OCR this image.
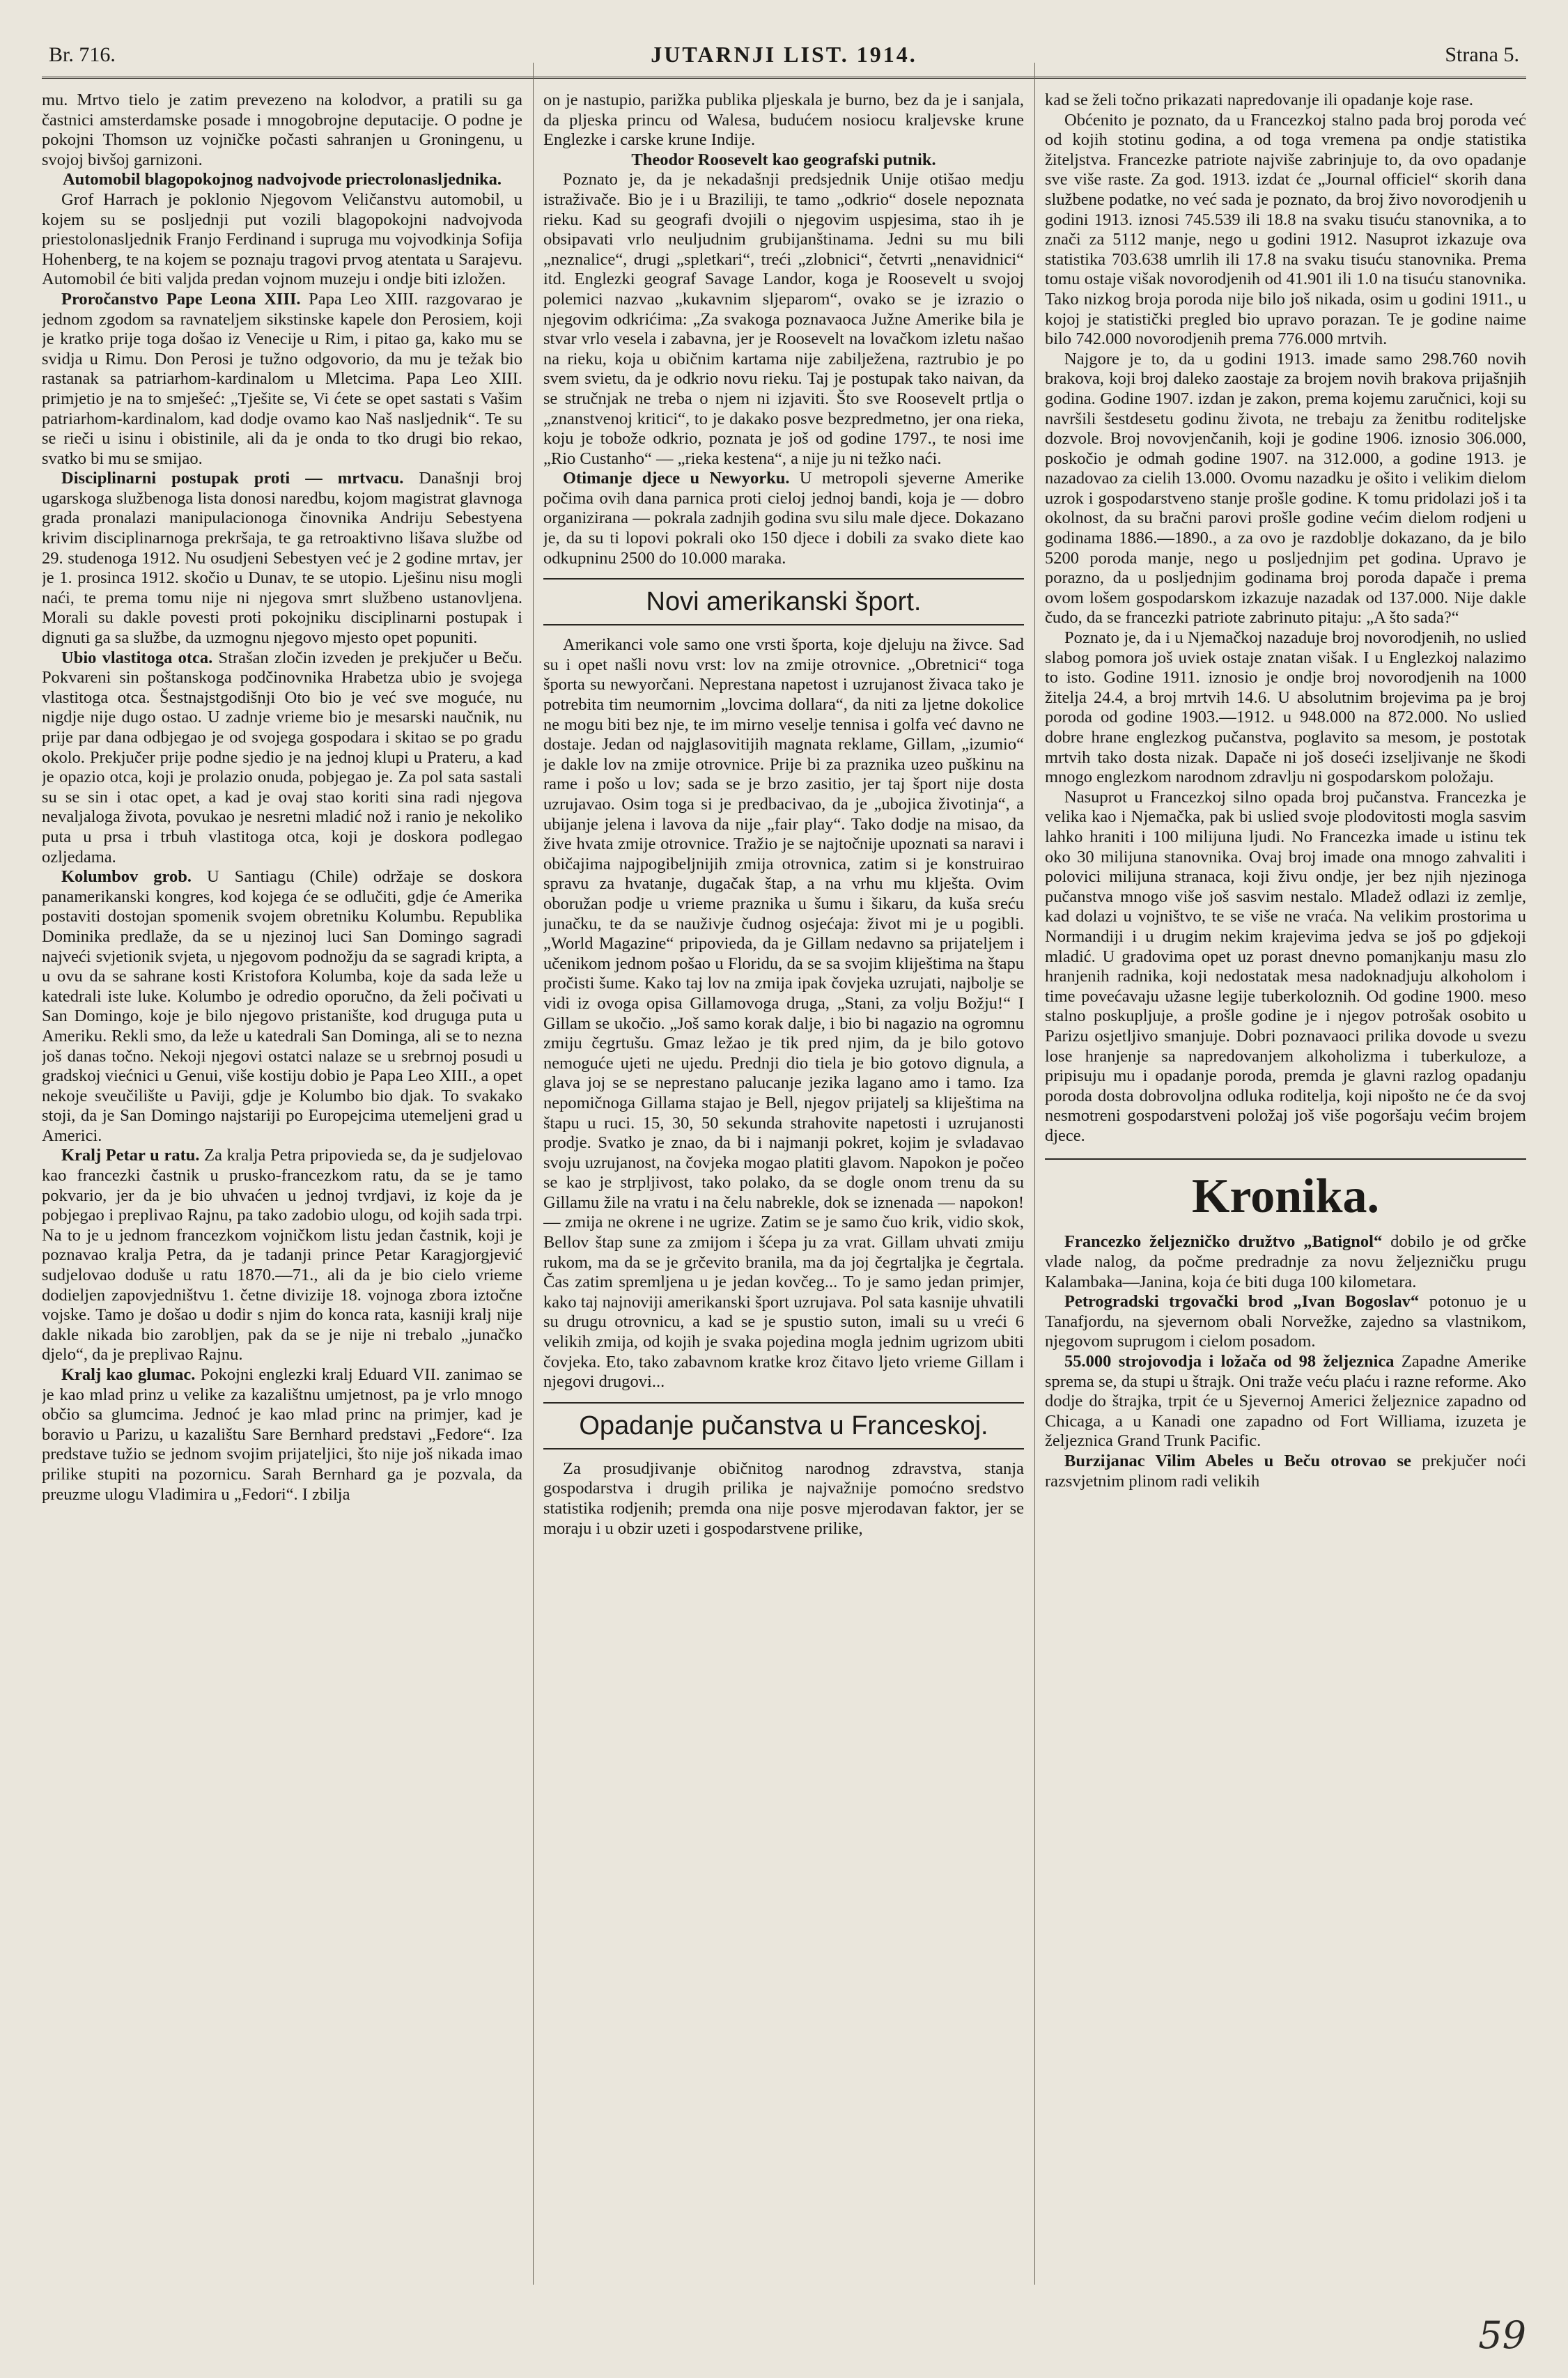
Br. 716.	JUTARNJI LIST. 1914.	Strana 5.

mu. Mrtvo tielo je zatim prevezeno na kolodvor, a pratili su ga častnici amsterdamske posade i mnogobrojne deputacije. O podne je pokojni Thomson uz vojničke počasti sahranjen u Groningenu, u svojoj bivšoj garnizoni.

Automobil blagopokojnog nadvojvode prieстolonasljednika.

Grof Harrach je poklonio Njegovom Veličanstvu automobil, u kojem su se posljednji put vozili blagopokojni nadvojvoda priestolonasljednik Franjo Ferdinand i supruga mu vojvodkinja Sofija Hohenberg, te na kojem se poznaju tragovi prvog atentata u Sarajevu. Automobil će biti valjda predan vojnom muzeju i ondje biti izložen.

Proročanstvo Pape Leona XIII. Papa Leo XIII. razgovarao je jednom zgodom sa ravnateljem sikstinske kapele don Perosiem, koji je kratko prije toga došao iz Venecije u Rim, i pitao ga, kako mu se svidja u Rimu. Don Perosi je tužno odgovorio, da mu je težak bio rastanak sa patriarhom-kardinalom u Mletcima. Papa Leo XIII. primjetio je na to smješeć: „Tješite se, Vi ćete se opet sastati s Vašim patriarhom-kardinalom, kad dodje ovamo kao Naš nasljednik“. Te su se rieči u isinu i obistinile, ali da je onda to tko drugi bio rekao, svatko bi mu se smijao.

Disciplinarni postupak proti — mrtvacu. Današnji broj ugarskoga službenoga lista donosi naredbu, kojom magistrat glavnoga grada pronalazi manipulacionoga činovnika Andriju Sebestyena krivim disciplinarnoga prekršaja, te ga retroaktivno lišava službe od 29. studenoga 1912. Nu osudjeni Sebestyen već je 2 godine mrtav, jer je 1. prosinca 1912. skočio u Dunav, te se utopio. Lješinu nisu mogli naći, te prema tomu nije ni njegova smrt službeno ustanovljena. Morali su dakle povesti proti pokojniku disciplinarni postupak i dignuti ga sa službe, da uzmognu njegovo mjesto opet popuniti.

Ubio vlastitoga otca. Strašan zločin izveden je prekjučer u Beču. Pokvareni sin poštanskoga podčinovnika Hrabetza ubio je svojega vlastitoga otca. Šestnajstgodišnji Oto bio je već sve moguće, nu nigdje nije dugo ostao. U zadnje vrieme bio je mesarski naučnik, nu prije par dana odbjegao je od svojega gospodara i skitao se po gradu okolo. Prekjučer prije podne sjedio je na jednoj klupi u Prateru, a kad je opazio otca, koji je prolazio onuda, pobjegao je. Za pol sata sastali su se sin i otac opet, a kad je ovaj stao koriti sina radi njegova nevaljaloga života, povukao je nesretni mladić nož i ranio je nekoliko puta u prsa i trbuh vlastitoga otca, koji je doskora podlegao ozljedama.

Kolumbov grob. U Santiagu (Chile) održaje se doskora panamerikanski kongres, kod kojega će se odlučiti, gdje će Amerika postaviti dostojan spomenik svojem obretniku Kolumbu. Republika Dominika predlaže, da se u njezinoj luci San Domingo sagradi najveći svjetionik svjeta, u njegovom podnožju da se sagradi kripta, a u ovu da se sahrane kosti Kristofora Kolumba, koje da sada leže u katedrali iste luke. Kolumbo je odredio oporučno, da želi počivati u San Domingo, koje je bilo njegovo pristanište, kod druguga puta u Ameriku. Rekli smo, da leže u katedrali San Dominga, ali se to nezna još danas točno. Nekoji njegovi ostatci nalaze se u srebrnoj posudi u gradskoj viećnici u Genui, više kostiju dobio je Papa Leo XIII., a opet nekoje sveučilište u Paviji, gdje je Kolumbo bio djak. To svakako stoji, da je San Domingo najstariji po Europejcima utemeljeni grad u Americi.

Kralj Petar u ratu. Za kralja Petra pripovieda se, da je sudjelovao kao francezki častnik u prusko-francezkom ratu, da se je tamo pokvario, jer da je bio uhvaćen u jednoj tvrdjavi, iz koje da je pobjegao i preplivao Rajnu, pa tako zadobio ulogu, od kojih sada trpi. Na to je u jednom francezkom vojničkom listu jedan častnik, koji je poznavao kralja Petra, da je tadanji prince Petar Karagjorgjević sudjelovao doduše u ratu 1870.—71., ali da je bio cielo vrieme dodieljen zapovjedništvu 1. četne divizije 18. vojnoga zbora iztočne vojske. Tamo je došao u dodir s njim do konca rata, kasniji kralj nije dakle nikada bio zarobljen, pak da se je nije ni trebalo „junačko djelo“, da je preplivao Rajnu.

Kralj kao glumac. Pokojni englezki kralj Eduard VII. zanimao se je kao mlad prinz u velike za kazalištnu umjetnost, pa je vrlo mnogo občio sa glumcima. Jednoć je kao mlad princ na primjer, kad je boravio u Parizu, u kazalištu Sare Bernhard predstavi „Fedore“. Iza predstave tužio se jednom svojim prijateljici, što nije još nikada imao prilike stupiti na pozornicu. Sarah Bernhard ga je pozvala, da preuzme ulogu Vladimira u „Fedori“. I zbilja

on je nastupio, parižka publika pljeskala je burno, bez da je i sanjala, da pljeska princu od Walesa, budućem nosiocu kraljevske krune Englezke i carske krune Indije.

Theodor Roosevelt kao geografski putnik.

Poznato je, da je nekadašnji predsjednik Unije otišao medju istraživače. Bio je i u Braziliji, te tamo „odkrio“ dosele nepoznata rieku. Kad su geografi dvojili o njegovim uspjesima, stao ih je obsipavati vrlo neuljudnim grubijanštinama. Jedni su mu bili „neznalice“, drugi „spletkari“, treći „zlobnici“, četvrti „nenavidnici“ itd. Englezki geograf Savage Landor, koga je Roosevelt u svojoj polemici nazvao „kukavnim sljeparom“, ovako se je izrazio o njegovim odkrićima: „Za svakoga poznavaoca Južne Amerike bila je stvar vrlo vesela i zabavna, jer je Roosevelt na lovačkom izletu našao na rieku, koja u običnim kartama nije zabilježena, raztrubio je po svem svietu, da je odkrio novu rieku. Taj je postupak tako naivan, da se stručnjak ne treba o njem ni izjaviti. Što sve Roosevelt prtlja o „znanstvenoj kritici“, to je dakako posve bezpredmetno, jer ona rieka, koju je tobože odkrio, poznata je još od godine 1797., te nosi ime „Rio Custanho“ — „rieka kestena“, a nije ju ni težko naći.

Otimanje djece u Newyorku. U metropoli sjeverne Amerike počima ovih dana parnica proti cieloj jednoj bandi, koja je — dobro organizirana — pokrala zadnjih godina svu silu male djece. Dokazano je, da su ti lopovi pokrali oko 150 djece i dobili za svako diete kao odkupninu 2500 do 10.000 maraka.

Novi amerikanski šport.

Amerikanci vole samo one vrsti športa, koje djeluju na živce. Sad su i opet našli novu vrst: lov na zmije otrovnice. „Obretnici“ toga športa su newyorčani. Neprestana napetost i uzrujanost živaca tako je potrebita tim neumornim „lovcima dollara“, da niti za ljetne dokolice ne mogu biti bez nje, te im mirno veselje tennisa i golfa već davno ne dostaje. Jedan od najglasovitijih magnata reklame, Gillam, „izumio“ je dakle lov na zmije otrovnice. Prije bi za praznika uzeo puškinu na rame i pošo u lov; sada se je brzo zasitio, jer taj šport nije dosta uzrujavao. Osim toga si je predbacivao, da je „ubojica životinja“, a ubijanje jelena i lavova da nije „fair play“. Tako dodje na misao, da žive hvata zmije otrovnice. Tražio je se najtočnije upoznati sa naravi i običajima najpogibeljnijih zmija otrovnica, zatim si je konstruirao spravu za hvatanje, dugačak štap, a na vrhu mu klješta. Ovim oboružan podje u vrieme praznika u šumu i šikaru, da kuša sreću junačku, te da se nauživje čudnog osjećaja: život mi je u pogibli. „World Magazine“ pripovieda, da je Gillam nedavno sa prijateljem i učenikom jednom pošao u Floridu, da se sa svojim kliještima na štapu pročisti šume. Kako taj lov na zmija ipak čovjeka uzrujati, najbolje se vidi iz ovoga opisa Gillamovoga druga, „Stani, za volju Božju!“ I Gillam se ukočio. „Još samo korak dalje, i bio bi nagazio na ogromnu zmiju čegrtušu. Gmaz ležao je tik pred njim, da je bilo gotovo nemoguće ujeti ne ujedu. Prednji dio tiela je bio gotovo dignula, a glava joj se se neprestano palucanje jezika lagano amo i tamo. Iza nepomičnoga Gillama stajao je Bell, njegov prijatelj sa kliještima na štapu u ruci. 15, 30, 50 sekunda strahovite napetosti i uzrujanosti prodje. Svatko je znao, da bi i najmanji pokret, kojim je svladavao svoju uzrujanost, na čovjeka mogao platiti glavom. Napokon je počeo se kao je strpljivost, tako polako, da se dogle onom trenu da su Gillamu žile na vratu i na čelu nabrekle, dok se iznenada — napokon! — zmija ne okrene i ne ugrize. Zatim se je samo čuo krik, vidio skok, Bellov štap sune za zmijom i šćepa ju za vrat. Gillam uhvati zmiju rukom, ma da se je grčevito branila, ma da joj čegrtaljka je čegrtala. Čas zatim spremljena u je jedan kovčeg... To je samo jedan primjer, kako taj najnoviji amerikanski šport uzrujava. Pol sata kasnije uhvatili su drugu otrovnicu, a kad se je spustio suton, imali su u vreći 6 velikih zmija, od kojih je svaka pojedina mogla jednim ugrizom ubiti čovjeka. Eto, tako zabavnom kratke kroz čitavo ljeto vrieme Gillam i njegovi drugovi...

Opadanje pučanstva u Franceskoj.

Za prosudjivanje običnitog narodnog zdravstva, stanja gospodarstva i drugih prilika je najvažnije pomoćno sredstvo statistika rodjenih; premda ona nije posve mjerodavan faktor, jer se moraju i u obzir uzeti i gospodarstvene prilike,

kad se želi točno prikazati napredovanje ili opadanje koje rase.

Obćenito je poznato, da u Francezkoj stalno pada broj poroda već od kojih stotinu godina, a od toga vremena pa ondje statistika žitelјstva. Francezke patriote najviše zabrinjuje to, da ovo opadanje sve više raste. Za god. 1913. izdat će „Journal officiel“ skorih dana službene podatke, no već sada je poznato, da broj živo novorodjenih u godini 1913. iznosi 745.539 ili 18.8 na svaku tisuću stanovnika, a to znači za 5112 manje, nego u godini 1912. Nasuprot izkazuje ova statistika 703.638 umrlih ili 17.8 na svaku tisuću stanovnika. Prema tomu ostaje višak novorodjenih od 41.901 ili 1.0 na tisuću stanovnika. Tako nizkog broja poroda nije bilo još nikada, osim u godini 1911., u kojoj je statistički pregled bio upravo porazan. Te je godine naime bilo 742.000 novorodjenih prema 776.000 mrtvih.

Najgore je to, da u godini 1913. imade samo 298.760 novih brakova, koji broj daleko zaostaje za brojem novih brakova prijašnjih godina. Godine 1907. izdan je zakon, prema kojemu zaručnici, koji su navršili šestdesetu godinu života, ne trebaju za ženitbu roditeljske dozvole. Broj novovjenčanih, koji je godine 1906. iznosio 306.000, poskočio je odmah godine 1907. na 312.000, a godine 1913. je nazadovao za cielih 13.000. Ovomu nazadku je ošito i velikim dielom uzrok i gospodarstveno stanje prošle godine. K tomu pridolazi još i ta okolnost, da su bračni parovi prošle godine većim dielom rodjeni u godinama 1886.—1890., a za ovo je razdoblje dokazano, da je bilo 5200 poroda manje, nego u posljednjim pet godina. Upravo je porazno, da u posljednjim godinama broj poroda dapače i prema ovom lošem gospodarskom izkazuje nazadak od 137.000. Nije dakle čudo, da se francezki patriote zabrinuto pitaju: „A što sada?“

Poznato je, da i u Njemačkoj nazaduje broj novorodjenih, no uslied slabog pomora još uviek ostaje znatan višak. I u Englezkoj nalazimo to isto. Godine 1911. iznosio je ondje broj novorodjenih na 1000 žitelja 24.4, a broj mrtvih 14.6. U absolutnim brojevima pa je broj poroda od godine 1903.—1912. u 948.000 na 872.000. No uslied dobre hrane englezkog pučanstva, poglavito sa mesom, je postotak mrtvih tako dosta nizak. Dapače ni još doseći izseljivanje ne škodi mnogo englezkom narodnom zdravlju ni gospodarskom položaju.

Nasuprot u Francezkoj silno opada broj pučanstva. Francezka je velika kao i Njemačka, pak bi uslied svoje plodovitosti mogla sasvim lahko hraniti i 100 milijuna ljudi. No Francezka imade u istinu tek oko 30 milijuna stanovnika. Ovaj broj imade ona mnogo zahvaliti i polovici milijuna stranaca, koji živu ondje, jer bez njih njezinoga pučanstva mnogo više još sasvim nestalo. Mladež odlazi iz zemlje, kad dolazi u vojništvo, te se više ne vraća. Na velikim prostorima u Normandiji i u drugim nekim krajevima jedva se još po gdjekoji mladić. U gradovima opet uz porast dnevno pomanjkanju masu zlo hranjenih radnika, koji nedostatak mesa nadoknadjuju alkoholom i time povećavaju užasne legije tuberkoloznih. Od godine 1900. meso stalno poskupljuje, a prošle godine je i njegov potrošak osobito u Parizu osjetljivo smanjuje. Dobri poznavaoci prilika dovode u svezu lose hranjenje sa napredovanjem alkoholizma i tuberkuloze, a pripisuju mu i opadanje poroda, premda je glavni razlog opadanju poroda dosta dobrovoljna odluka roditelja, koji nipošto ne će da svoj nesmotreni gospodarstveni položaj još više pogoršaju većim brojem djece.

Kronika.

Francezko željezničko družtvo „Batignol“ dobilo je od grčke vlade nalog, da počme predradnje za novu željezničku prugu Kalambaka—Janina, koja će biti duga 100 kilometara.

Petrogradski trgovački brod „Ivan Bogoslav“ potonuo je u Tanafjordu, na sjevernom obali Norvežke, zajedno sa vlastnikom, njegovom suprugom i cielom posadom.

55.000 strojovodja i ložača od 98 željeznica Zapadne Amerike sprema se, da stupi u štrajk. Oni traže veću plaću i razne reforme. Ako dodje do štrajka, trpit će u Sjevernoj Americi željeznice zapadno od Chicaga, a u Kanadi one zapadno od Fort Williama, izuzeta je željeznica Grand Trunk Pacific.

Burzijanac Vilim Abeles u Beču otrovao se prekjučer noći razsvjetnim plinom radi velikih

59
